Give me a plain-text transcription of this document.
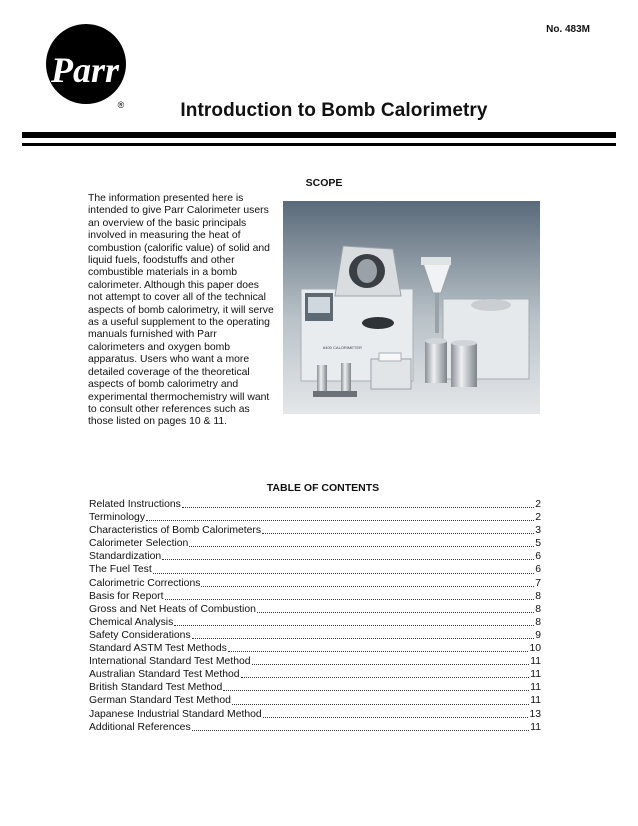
No. 483M
Parr
®	Introduction to Bomb Calorimetry
SCOPE

The information presented here is intended to give Parr Calorimeter users an overview of the basic principals involved in measuring the heat of combustion (calorific value) of solid and liquid fuels, foodstuffs and other combustible materials in a bomb calorimeter. Although this paper does not attempt to cover all of the technical aspects of bomb calorimetry, it will serve as a useful supplement to the operating manuals furnished with Parr calorimeters and oxygen bomb apparatus. Users who want a more detailed coverage of the theoretical aspects of bomb calorimetry and experimental thermochemistry will want to consult other references such as those listed on pages 10 & 11.

6400 CALORIMETER
TABLE OF CONTENTS
Related Instructions	2
Terminology	2
Characteristics of Bomb Calorimeters	3
Calorimeter Selection	5
Standardization	6
The Fuel Test	6
Calorimetric Corrections	7
Basis for Report	8
Gross and Net Heats of Combustion	8
Chemical Analysis	8
Safety Considerations	9
Standard ASTM Test Methods	10
International Standard Test Method	11
Australian Standard Test Method	11
British Standard Test Method	11
German Standard Test Method	11
Japanese Industrial Standard Method	13
Additional References	11
